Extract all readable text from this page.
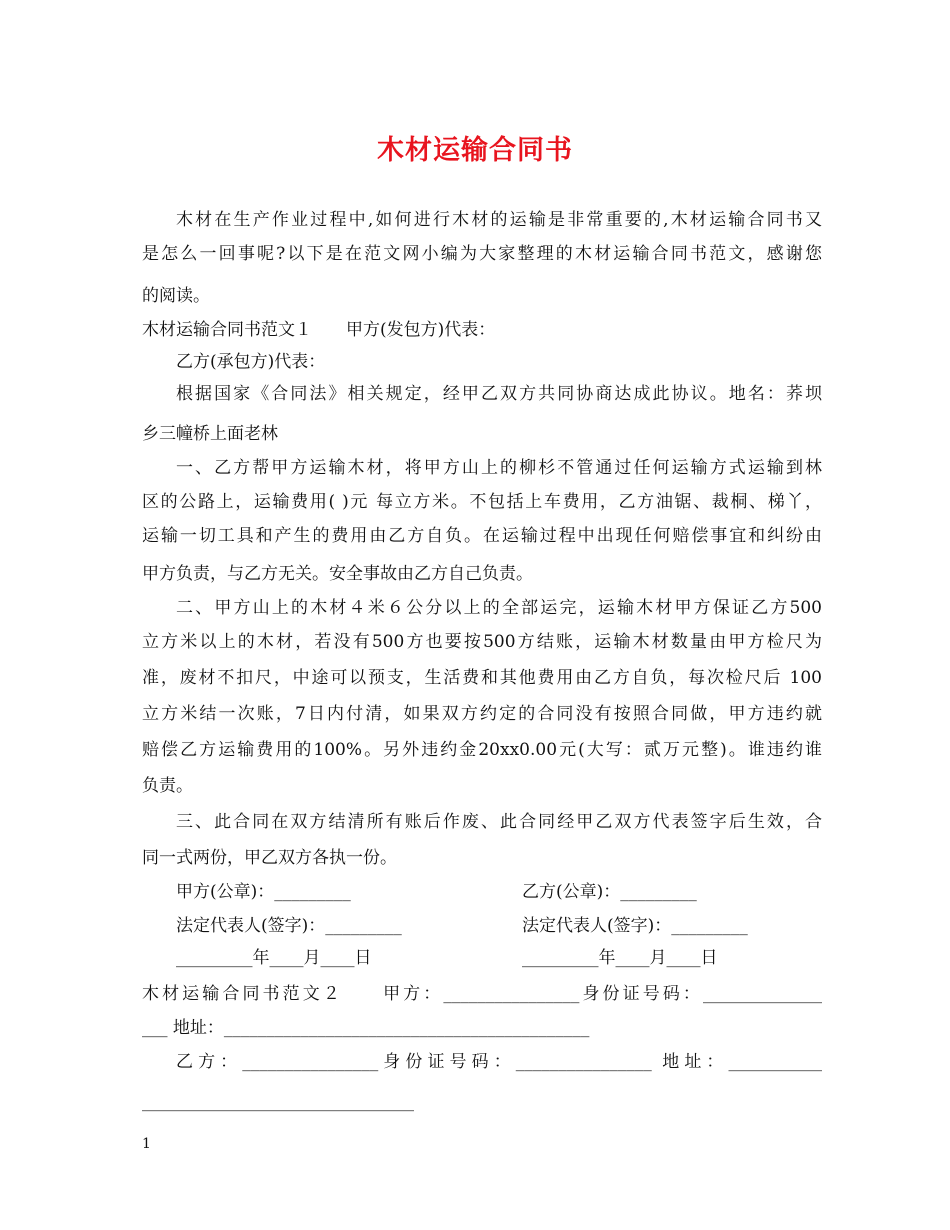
木材运输合同书
木材在生产作业过程中,如何进行木材的运输是非常重要的,木材运输合同书又
是怎么一回事呢?以下是在范文网小编为大家整理的木材运输合同书范文，感谢您
的阅读。
木材运输合同书范文１　　甲方(发包方)代表：
乙方(承包方)代表：
根据国家《合同法》相关规定，经甲乙双方共同协商达成此协议。地名：荞坝
乡三幢桥上面老林
一、乙方帮甲方运输木材，将甲方山上的柳杉不管通过任何运输方式运输到林
区的公路上，运输费用( )元 每立方米。不包括上车费用，乙方油锯、裁桐、梯丫，
运输一切工具和产生的费用由乙方自负。在运输过程中出现任何赔偿事宜和纠纷由
甲方负责，与乙方无关。安全事故由乙方自己负责。
二、甲方山上的木材４米６公分以上的全部运完，运输木材甲方保证乙方500
立方米以上的木材，若没有500方也要按500方结账，运输木材数量由甲方检尺为
准，废材不扣尺，中途可以预支，生活费和其他费用由乙方自负，每次检尺后 100
立方米结一次账，7日内付清，如果双方约定的合同没有按照合同做，甲方违约就
赔偿乙方运输费用的100%。另外违约金20xx0.00元(大写：贰万元整)。谁违约谁
负责。
三、此合同在双方结清所有账后作废、此合同经甲乙双方代表签字后生效，合
同一式两份，甲乙双方各执一份。
甲方(公章)：_________	乙方(公章)：_________
法定代表人(签字)：_________	法定代表人(签字)：_________
_________年____月____日	_________年____月____日
木材运输合同书范文２　　甲方：________________身份证号码：______________
___ 地址：___________________________________________
乙方：________________身份证号码：________________ 地址：___________
________________________________
1
